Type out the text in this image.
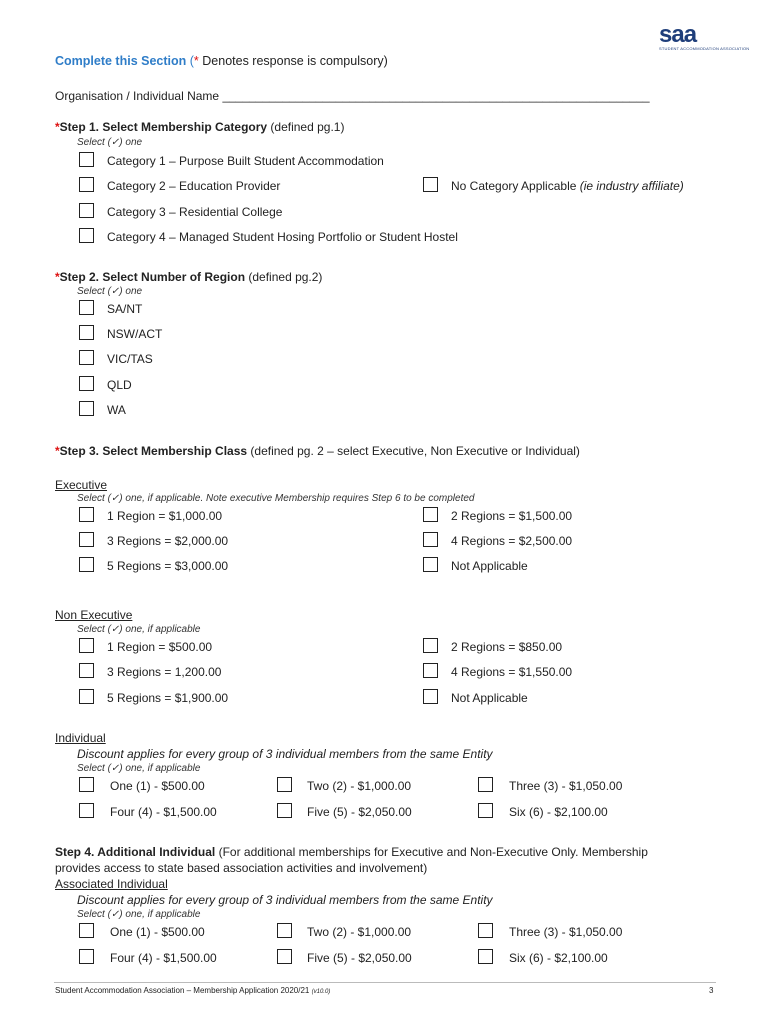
saa
STUDENT ACCOMMODATION ASSOCIATION
Complete this Section (* Denotes response is compulsory)
Organisation / Individual Name ________________________________________________________________
*Step 1. Select Membership Category (defined pg.1)
Select (✓) one
Category 1 – Purpose Built Student Accommodation
Category 2 – Education Provider	No Category Applicable (ie industry affiliate)
Category 3 – Residential College
Category 4 – Managed Student Hosing Portfolio or Student Hostel
*Step 2. Select Number of Region (defined pg.2)
Select (✓) one
SA/NT
NSW/ACT
VIC/TAS
QLD
WA
*Step 3. Select Membership Class (defined pg. 2 – select Executive, Non Executive or Individual)
Executive
Select (✓) one, if applicable. Note executive Membership requires Step 6 to be completed
1 Region = $1,000.00	2 Regions = $1,500.00
3 Regions = $2,000.00	4 Regions = $2,500.00
5 Regions = $3,000.00	Not Applicable
Non Executive
Select (✓) one, if applicable
1 Region = $500.00	2 Regions = $850.00
3 Regions = 1,200.00	4 Regions = $1,550.00
5 Regions = $1,900.00	Not Applicable
Individual
Discount applies for every group of 3 individual members from the same Entity
Select (✓) one, if applicable
One (1) - $500.00	Two (2) - $1,000.00	Three (3) - $1,050.00
Four (4) - $1,500.00	Five (5) - $2,050.00	Six (6) - $2,100.00
Step 4. Additional Individual (For additional memberships for Executive and Non-Executive Only. Membership
provides access to state based association activities and involvement)
Associated Individual
Discount applies for every group of 3 individual members from the same Entity
Select (✓) one, if applicable
One (1) - $500.00	Two (2) - $1,000.00	Three (3) - $1,050.00
Four (4) - $1,500.00	Five (5) - $2,050.00	Six (6) - $2,100.00
Student Accommodation Association – Membership Application 2020/21 (v10.0)	3
